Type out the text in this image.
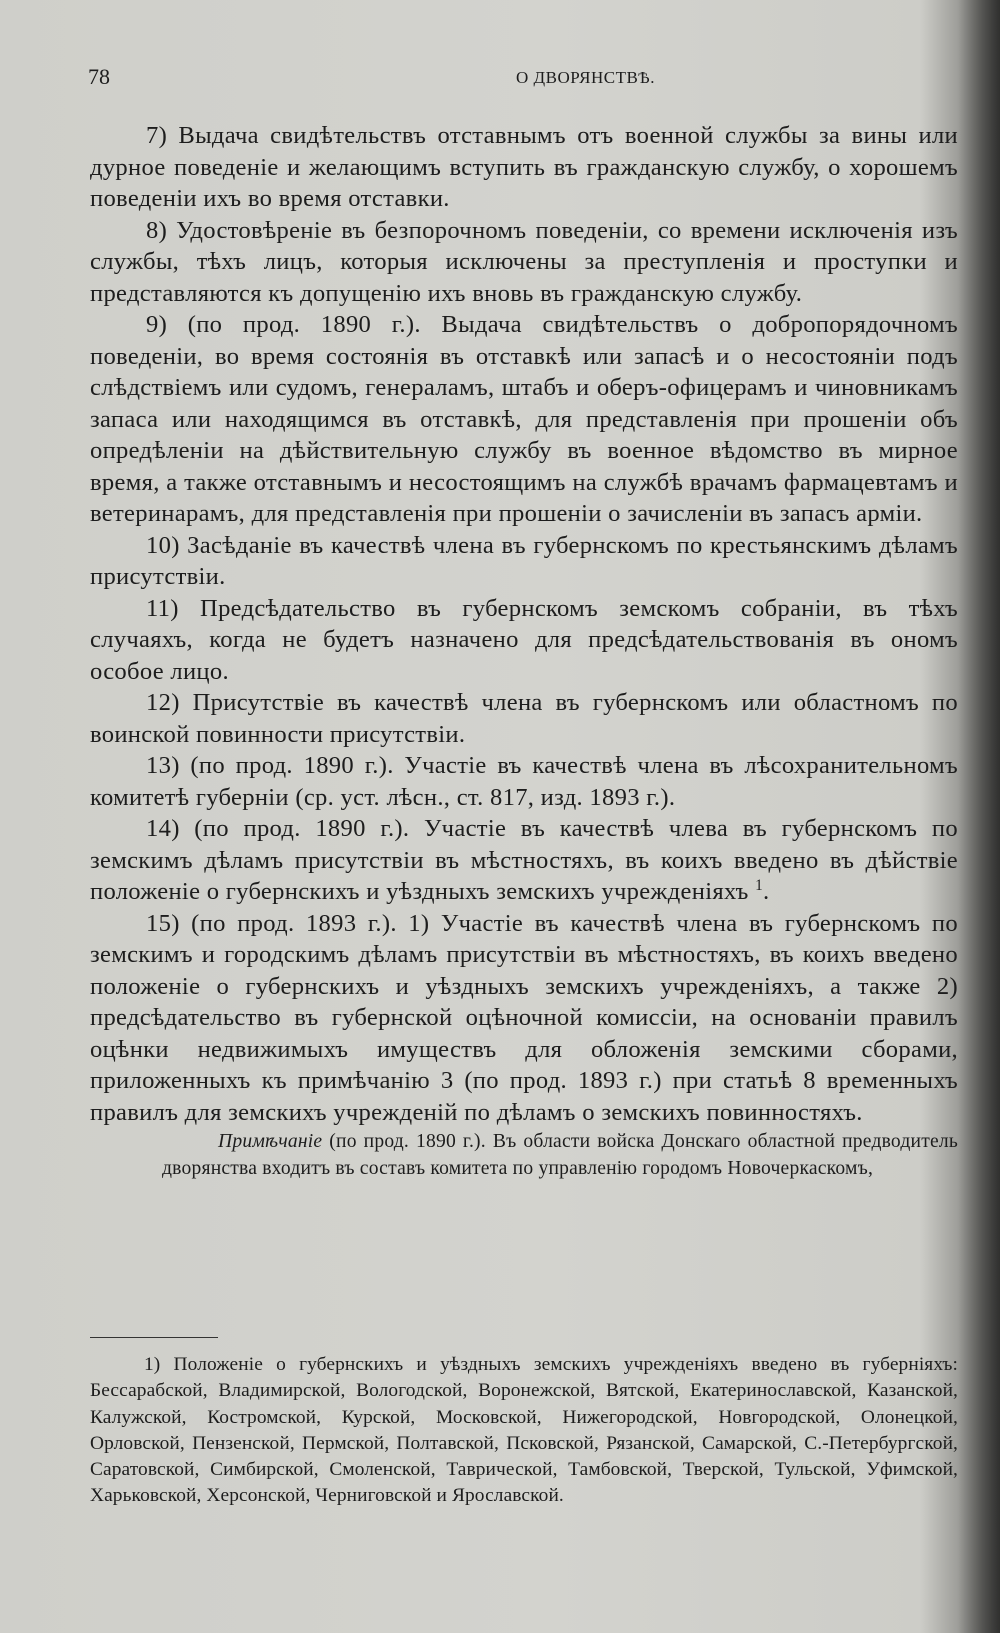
78	О ДВОРЯНСТВѢ.

7) Выдача свидѣтельствъ отставнымъ отъ военной службы за вины или дурное поведеніе и желающимъ вступить въ гражданскую службу, о хорошемъ поведеніи ихъ во время отставки.

8) Удостовѣреніе въ безпорочномъ поведеніи, со времени исключенія изъ службы, тѣхъ лицъ, которыя исключены за преступленія и проступки и представляются къ допущенію ихъ вновь въ гражданскую службу.

9) (по прод. 1890 г.). Выдача свидѣтельствъ о добропорядочномъ поведеніи, во время состоянія въ отставкѣ или запасѣ и о несостояніи подъ слѣдствіемъ или судомъ, генераламъ, штабъ и оберъ-офицерамъ и чиновникамъ запаса или находящимся въ отставкѣ, для представленія при прошеніи объ опредѣленіи на дѣйствительную службу въ военное вѣдомство въ мирное время, а также отставнымъ и несостоящимъ на службѣ врачамъ фармацевтамъ и ветеринарамъ, для представленія при прошеніи о зачисленіи въ запасъ арміи.

10) Засѣданіе въ качествѣ члена въ губернскомъ по крестьянскимъ дѣламъ присутствіи.

11) Предсѣдательство въ губернскомъ земскомъ собраніи, въ тѣхъ случаяхъ, когда не будетъ назначено для предсѣдательствованія въ ономъ особое лицо.

12) Присутствіе въ качествѣ члена въ губернскомъ или областномъ по воинской повинности присутствіи.

13) (по прод. 1890 г.). Участіе въ качествѣ члена въ лѣсохранительномъ комитетѣ губерніи (ср. уст. лѣсн., ст. 817, изд. 1893 г.).

14) (по прод. 1890 г.). Участіе въ качествѣ члева въ губернскомъ по земскимъ дѣламъ присутствіи въ мѣстностяхъ, въ коихъ введено въ дѣйствіе положеніе о губернскихъ и уѣздныхъ земскихъ учрежденіяхъ $^1$.

15) (по прод. 1893 г.). 1) Участіе въ качествѣ члена въ губернскомъ по земскимъ и городскимъ дѣламъ присутствіи въ мѣстностяхъ, въ коихъ введено положеніе о губернскихъ и уѣздныхъ земскихъ учрежденіяхъ, а также 2) предсѣдательство въ губернской оцѣночной комиссіи, на основаніи правилъ оцѣнки недвижимыхъ имуществъ для обложенія земскими сборами, приложенныхъ къ примѣчанію 3 (по прод. 1893 г.) при статьѣ 8 временныхъ правилъ для земскихъ учрежденій по дѣламъ о земскихъ повинностяхъ.

Примѣчаніе (по прод. 1890 г.). Въ области войска Донскаго областной предводитель дворянства входитъ въ составъ комитета по управленію городомъ Новочеркаскомъ,

1) Положеніе о губернскихъ и уѣздныхъ земскихъ учрежденіяхъ введено въ губерніяхъ: Бессарабской, Владимирской, Вологодской, Воронежской, Вятской, Екатеринославской, Казанской, Калужской, Костромской, Курской, Московской, Нижегородской, Новгородской, Олонецкой, Орловской, Пензенской, Пермской, Полтавской, Псковской, Рязанской, Самарской, С.-Петербургской, Саратовской, Симбирской, Смоленской, Таврической, Тамбовской, Тверской, Тульской, Уфимской, Харьковской, Херсонской, Черниговской и Ярославской.
